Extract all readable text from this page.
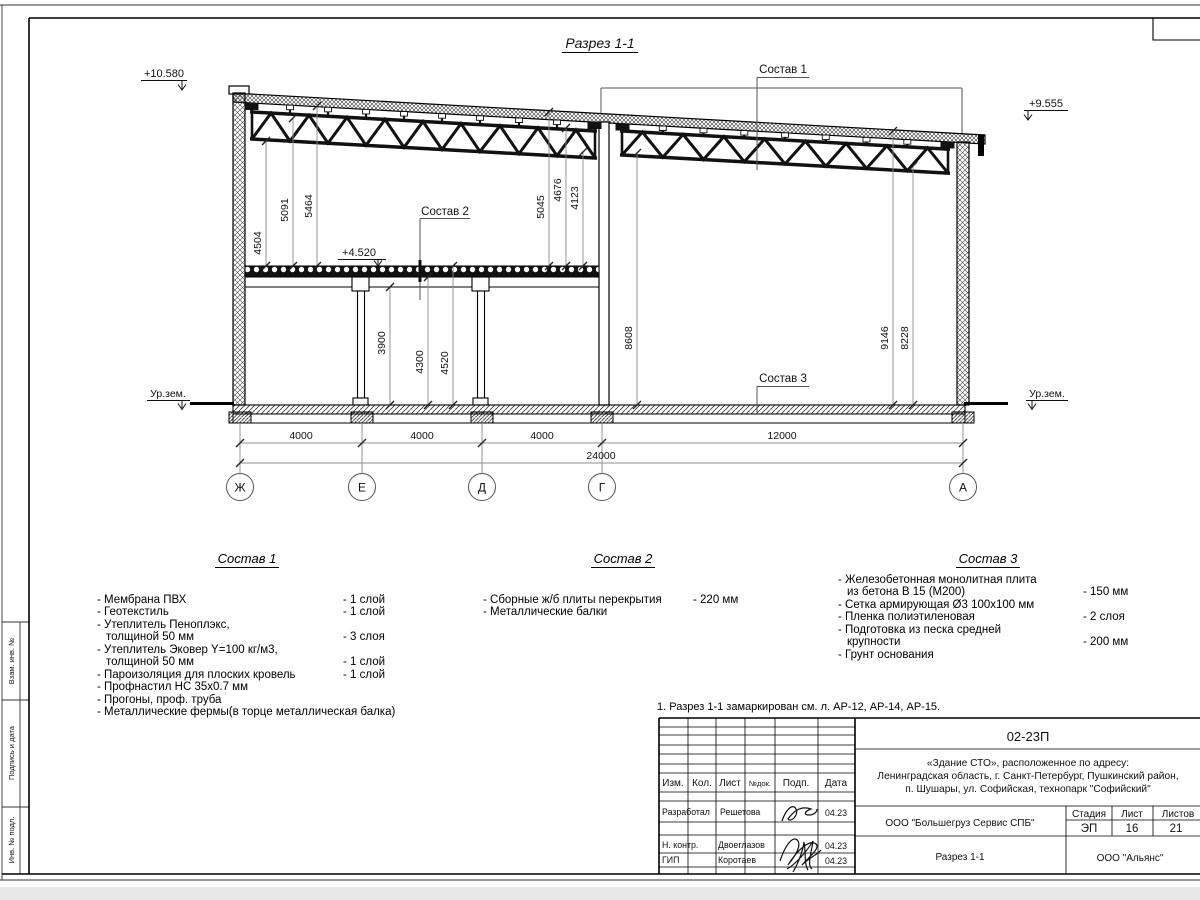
Взам. инв. №
Подпись и дата
Инв. № подл.
Разрез 1-1
4504
5091 5464	5045
4676 4123
8608	9146 8228
3900
4300 4520
4000	4000	4000	12000
24000
Ж	Е	Д	Г	А
+10.580
+9.555
+4.520
Ур.зем.	Ур.зем.
Состав 1
Состав 2
Состав 3
02-23П
«Здание СТО», расположенное по адресу:
Ленинградская область, г. Санкт-Петербург, Пушкинский район,
п. Шушары, ул. Софийская, технопарк "Софийский"
Изм. Кол. Лист №док. Подп. Дата
Разработал Решетова	04.23
Н. контр. Двоеглазов	04.23
ГИП	Коротаев	04.23
Стадия Лист Листов
ЭП 16	21
ООО "Большегруз Сервис СПБ"
Разрез 1-1	ООО "Альянс"
Состав 1
- Мембрана ПВХ	- 1 слой
- Геотекстиль	- 1 слой
- Утеплитель Пеноплэкс,
толщиной 50 мм	- 3 слоя
- Утеплитель Эковер Y=100 кг/м3,
толщиной 50 мм	- 1 слой
- Пароизоляция для плоских кровель	- 1 слой
- Профнастил НС 35х0.7 мм
- Прогоны, проф. труба
- Металлические фермы(в торце металлическая балка)
Состав 2
- Сборные ж/б плиты перекрытия	- 220 мм
- Металлические балки
Состав 3
- Железобетонная монолитная плита
из бетона В 15 (М200)	- 150 мм
- Сетка армирующая Ø3 100х100 мм
- Пленка полиэтиленовая	- 2 слоя
- Подготовка из песка средней
крупности	- 200 мм
- Грунт основания
1. Разрез 1-1 замаркирован см. л. АР-12, АР-14, АР-15.
